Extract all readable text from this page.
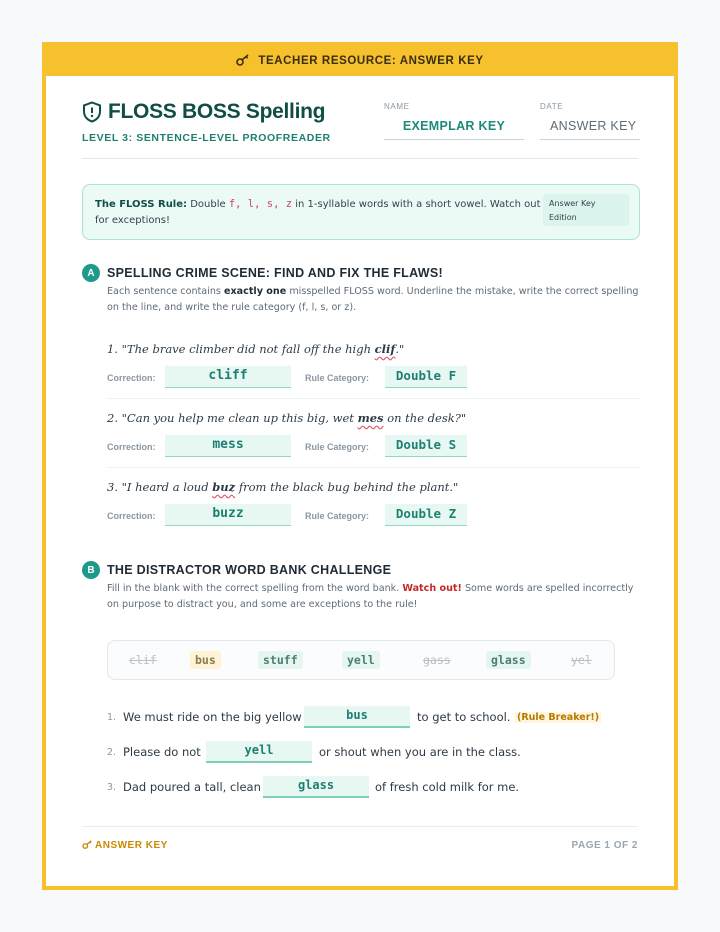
TEACHER RESOURCE: ANSWER KEY
FLOSS BOSS Spelling
LEVEL 3: SENTENCE-LEVEL PROOFREADER
NAME
EXEMPLAR KEY
DATE
ANSWER KEY
The FLOSS Rule: Double f, l, s, z in 1-syllable words with a short vowel. Watch out for exceptions!
Answer Key Edition
A SPELLING CRIME SCENE: FIND AND FIX THE FLAWS!
Each sentence contains exactly one misspelled FLOSS word. Underline the mistake, write the correct spelling on the line, and write the rule category (f, l, s, or z).
1. "The brave climber did not fall off the high clif."
Correction:	cliff	Rule Category:	Double F
2. "Can you help me clean up this big, wet mes on the desk?"
Correction:	mess	Rule Category:	Double S
3. "I heard a loud buz from the black bug behind the plant."
Correction:	buzz	Rule Category:	Double Z
B THE DISTRACTOR WORD BANK CHALLENGE
Fill in the blank with the correct spelling from the word bank. Watch out! Some words are spelled incorrectly on purpose to distract you, and some are exceptions to the rule!
clif	bus	stuff	yell	gass	glass	yel
1. We must ride on the big yellow	bus	to get to school. (Rule Breaker!)
2. Please do not	yell	or shout when you are in the class.
3. Dad poured a tall, clean	glass	of fresh cold milk for me.
ANSWER KEY	PAGE 1 OF 2
